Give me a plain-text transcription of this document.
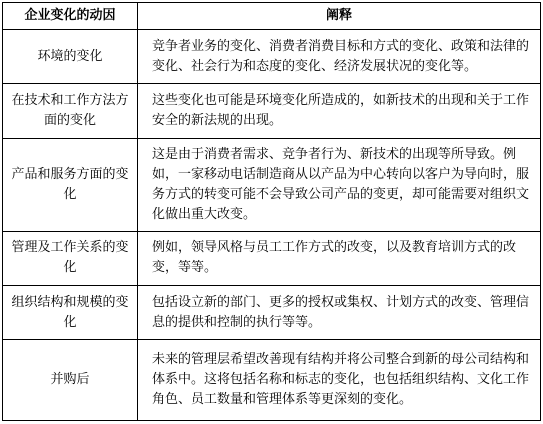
企业变化的动因	阐释
环境的变化	竞争者业务的变化、消费者消费目标和方式的变化、政策和法律的变化、社会行为和态度的变化、经济发展状况的变化等。
在技术和工作方法方面的变化	这些变化也可能是环境变化所造成的，如新技术的出现和关于工作安全的新法规的出现。
产品和服务方面的变化	这是由于消费者需求、竞争者行为、新技术的出现等所导致。例如，一家移动电话制造商从以产品为中心转向以客户为导向时，服务方式的转变可能不会导致公司产品的变更，却可能需要对组织文化做出重大改变。
管理及工作关系的变化	例如，领导风格与员工工作方式的改变，以及教育培训方式的改变，等等。
组织结构和规模的变化	包括设立新的部门、更多的授权或集权、计划方式的改变、管理信息的提供和控制的执行等等。
并购后	未来的管理层希望改善现有结构并将公司整合到新的母公司结构和体系中。这将包括名称和标志的变化，也包括组织结构、文化工作角色、员工数量和管理体系等更深刻的变化。
